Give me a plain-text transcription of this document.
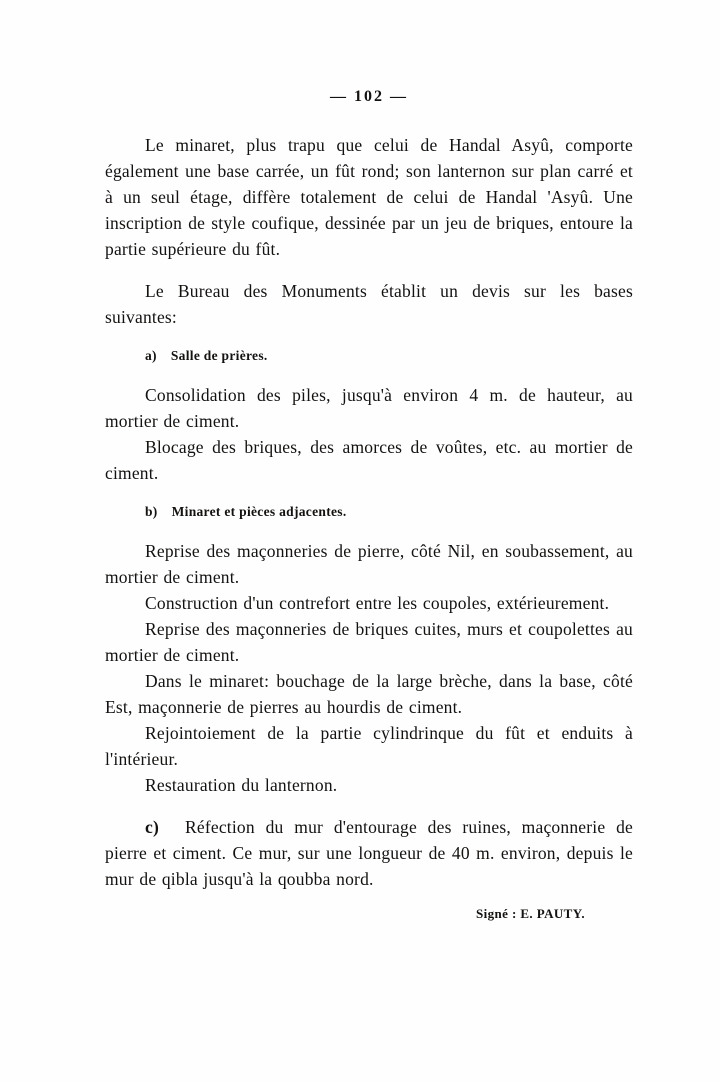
— 102 —

Le minaret, plus trapu que celui de Handal Asyû, comporte également une base carrée, un fût rond; son lanternon sur plan carré et à un seul étage, diffère totalement de celui de Handal 'Asyû. Une inscription de style coufique, dessinée par un jeu de briques, entoure la partie supérieure du fût.

Le Bureau des Monuments établit un devis sur les bases suivantes:

a) Salle de prières.

Consolidation des piles, jusqu'à environ 4 m. de hauteur, au mortier de ciment.

Blocage des briques, des amorces de voûtes, etc. au mortier de ciment.

b) Minaret et pièces adjacentes.

Reprise des maçonneries de pierre, côté Nil, en soubassement, au mortier de ciment.

Construction d'un contrefort entre les coupoles, extérieurement.

Reprise des maçonneries de briques cuites, murs et coupolettes au mortier de ciment.

Dans le minaret: bouchage de la large brèche, dans la base, côté Est, maçonnerie de pierres au hourdis de ciment.

Rejointoiement de la partie cylindrinque du fût et enduits à l'intérieur.

Restauration du lanternon.

c) Réfection du mur d'entourage des ruines, maçonnerie de pierre et ciment. Ce mur, sur une longueur de 40 m. environ, depuis le mur de qibla jusqu'à la qoubba nord.

Signé : E. PAUTY.
